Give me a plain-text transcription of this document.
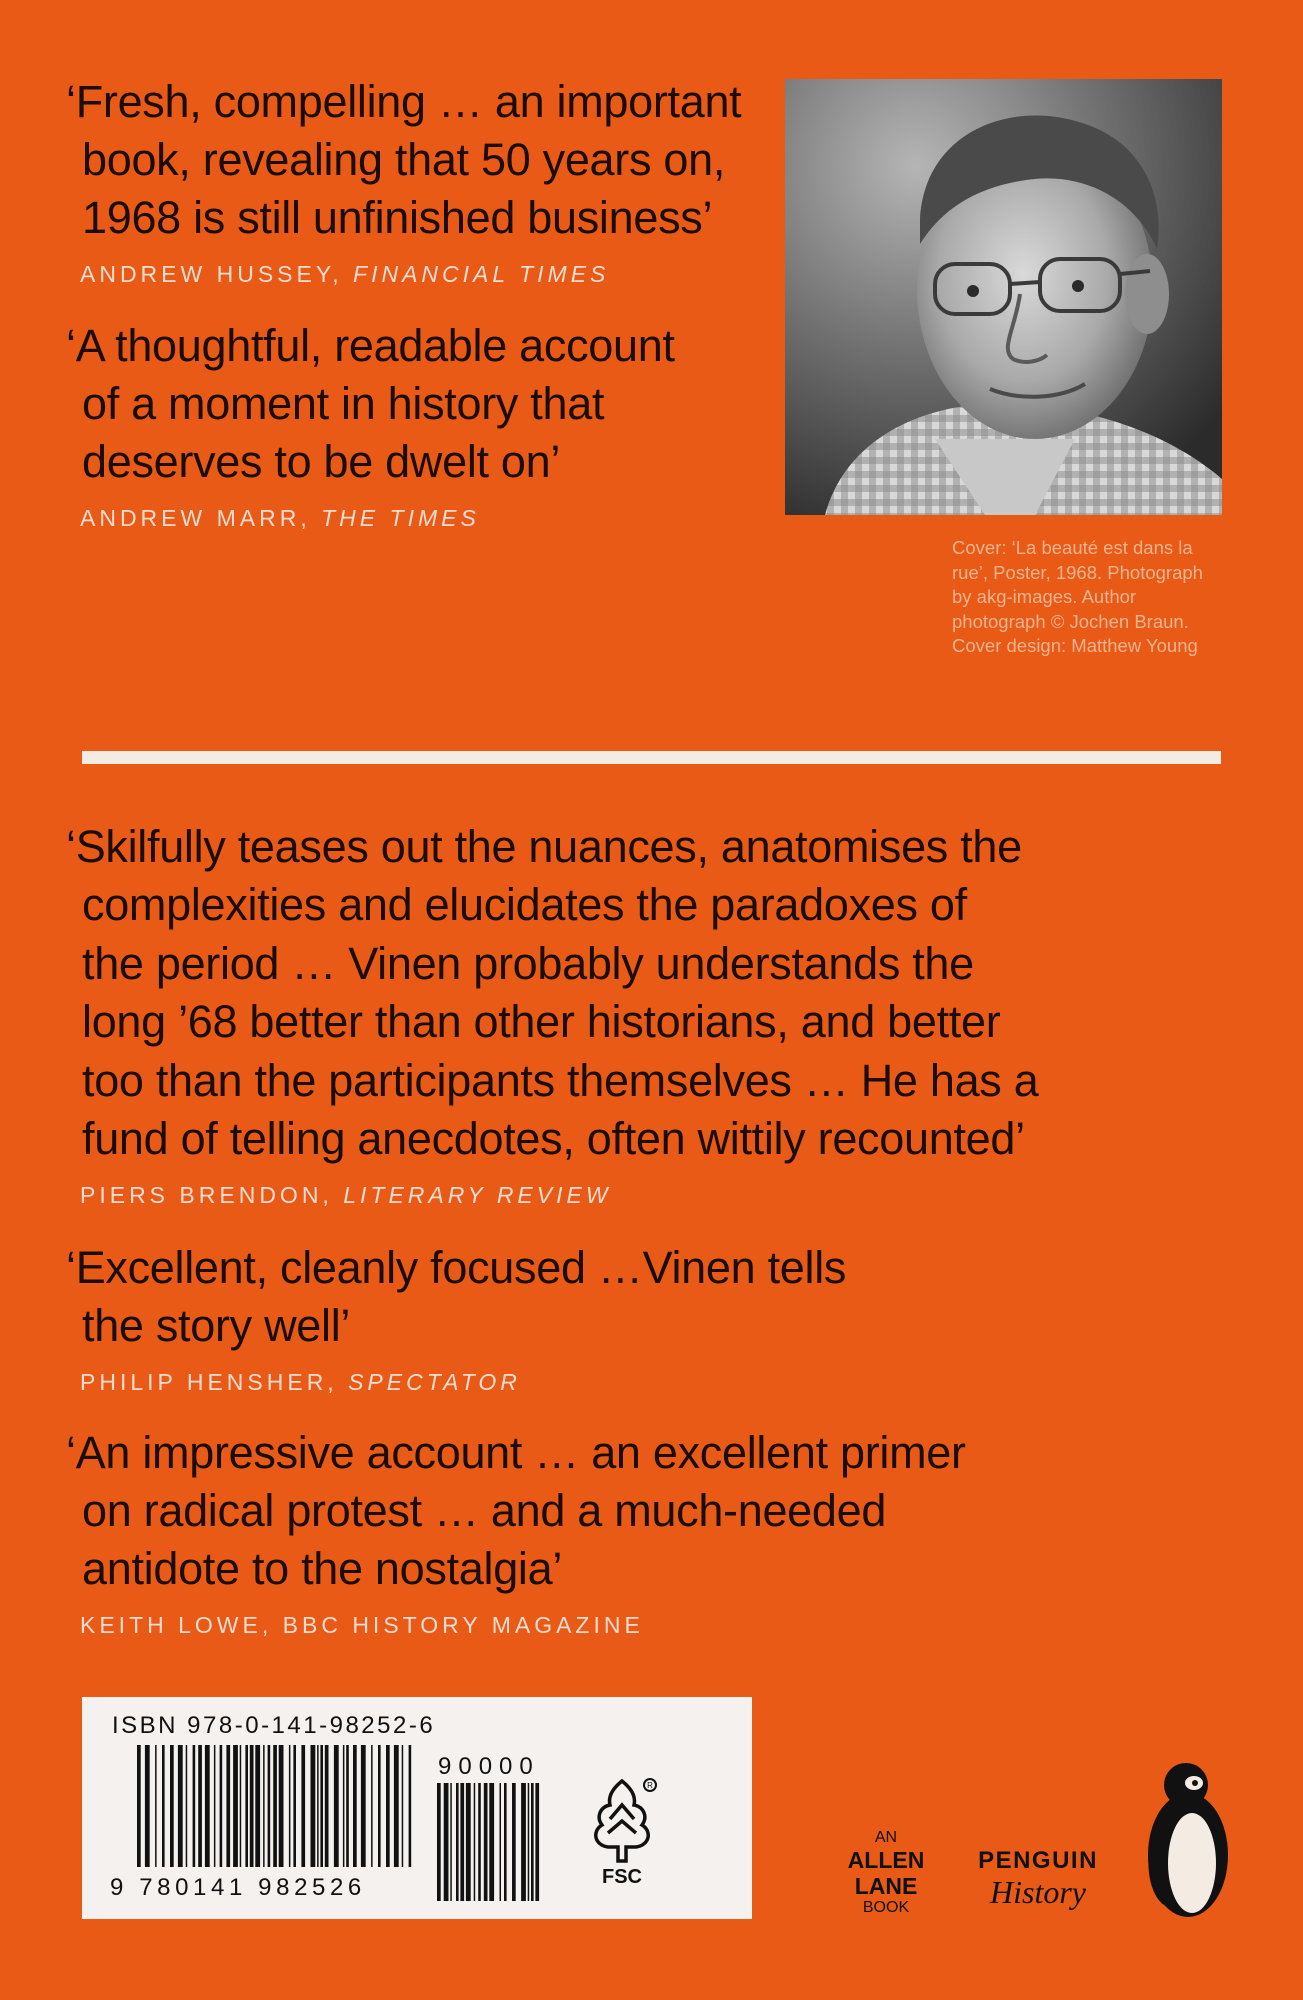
‘Fresh, compelling … an important

book, revealing that 50 years on,

1968 is still unfinished business’

ANDREW HUSSEY, FINANCIAL TIMES

‘A thoughtful, readable account

of a moment in history that

deserves to be dwelt on’

ANDREW MARR, THE TIMES

Cover: ‘La beauté est dans la
rue’, Poster, 1968. Photograph
by akg-images. Author
photograph © Jochen Braun.
Cover design: Matthew Young

‘Skilfully teases out the nuances, anatomises the

complexities and elucidates the paradoxes of

the period … Vinen probably understands the

long ’68 better than other historians, and better

too than the participants themselves … He has a

fund of telling anecdotes, often wittily recounted’

PIERS BRENDON, LITERARY REVIEW

‘Excellent, cleanly focused …Vinen tells

the story well’

PHILIP HENSHER, SPECTATOR

‘An impressive account … an excellent primer

on radical protest … and a much-needed

antidote to the nostalgia’

KEITH LOWE, BBC HISTORY MAGAZINE

ISBN 978-0-141-98252-6
9 780141 982526
90000
R
FSC
AN
ALLEN
LANE
BOOK
PENGUIN
History
